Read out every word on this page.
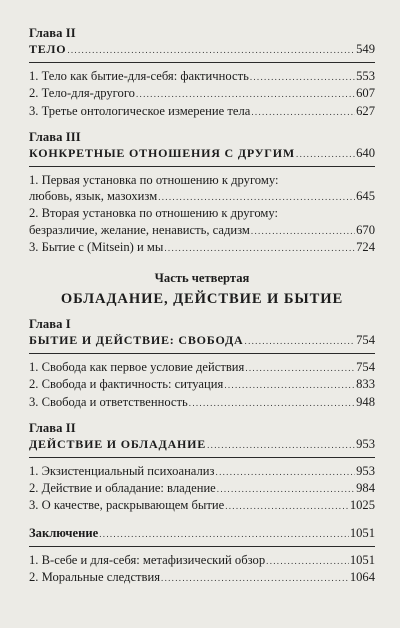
Глава II
ТЕЛО .....	549
1. Тело как бытие-для-себя: фактичность .....	553
2. Тело-для-другого .....	607
3. Третье онтологическое измерение тела .....	627
Глава III
КОНКРЕТНЫЕ ОТНОШЕНИЯ С ДРУГИМ .....	640
1. Первая установка по отношению к другому:
любовь, язык, мазохизм .....	645
2. Вторая установка по отношению к другому:
безразличие, желание, ненависть, садизм .....	670
3. Бытие с (Mitsein) и мы .....	724
Часть четвертая
ОБЛАДАНИЕ, ДЕЙСТВИЕ И БЫТИЕ
Глава I
БЫТИЕ И ДЕЙСТВИЕ: СВОБОДА .....	754
1. Свобода как первое условие действия .....	754
2. Свобода и фактичность: ситуация .....	833
3. Свобода и ответственность .....	948
Глава II
ДЕЙСТВИЕ И ОБЛАДАНИЕ .....	953
1. Экзистенциальный психоанализ .....	953
2. Действие и обладание: владение .....	984
3. О качестве, раскрывающем бытие .....	1025
Заключение .....	1051
1. В-себе и для-себя: метафизический обзор .....	1051
2. Моральные следствия .....	1064
